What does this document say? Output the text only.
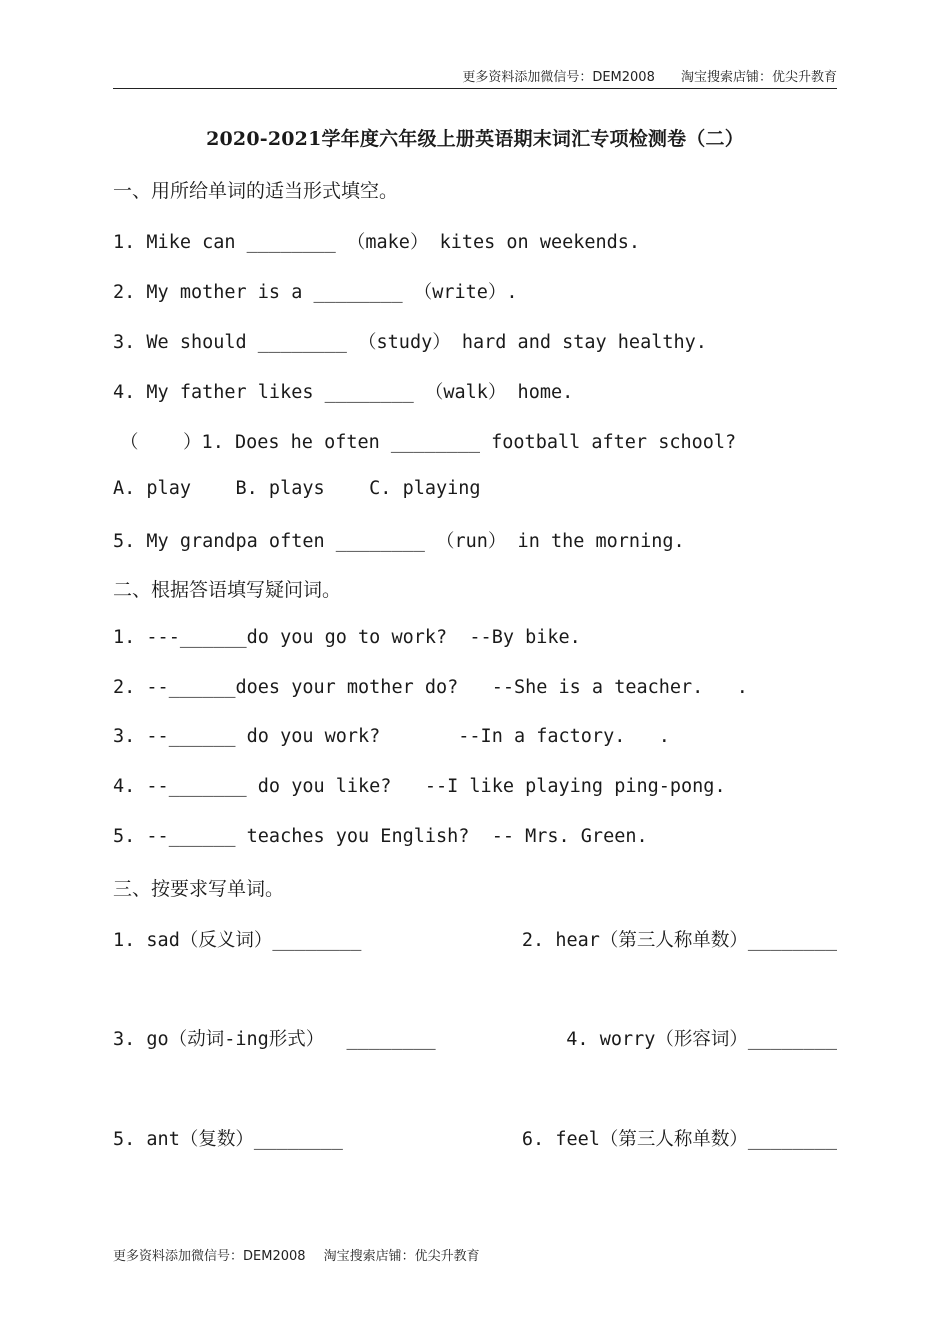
更多资料添加微信号：DEM2008 淘宝搜索店铺：优尖升教育
2020-2021学年度六年级上册英语期末词汇专项检测卷（二）
一、用所给单词的适当形式填空。
1. Mike can ________ （make） kites on weekends.
2. My mother is a ________ （write）.
3. We should ________ （study） hard and stay healthy.
4. My father likes ________ （walk） home.
（    ）1. Does he often ________ football after school?
A. play    B. plays    C. playing
5. My grandpa often ________ （run） in the morning.
二、根据答语填写疑问词。
1. ---______do you go to work?  --By bike.
2. --______does your mother do?   --She is a teacher.   .
3. --______ do you work?       --In a factory.   .
4. --_______ do you like?   --I like playing ping-pong.
5. --______ teaches you English?  -- Mrs. Green.
三、按要求写单词。
1. sad（反义词）________	2. hear（第三人称单数）________
3. go（动词-ing形式）  ________	4. worry（形容词）________
5. ant（复数）________	6. feel（第三人称单数）________
更多资料添加微信号：DEM2008 淘宝搜索店铺：优尖升教育
